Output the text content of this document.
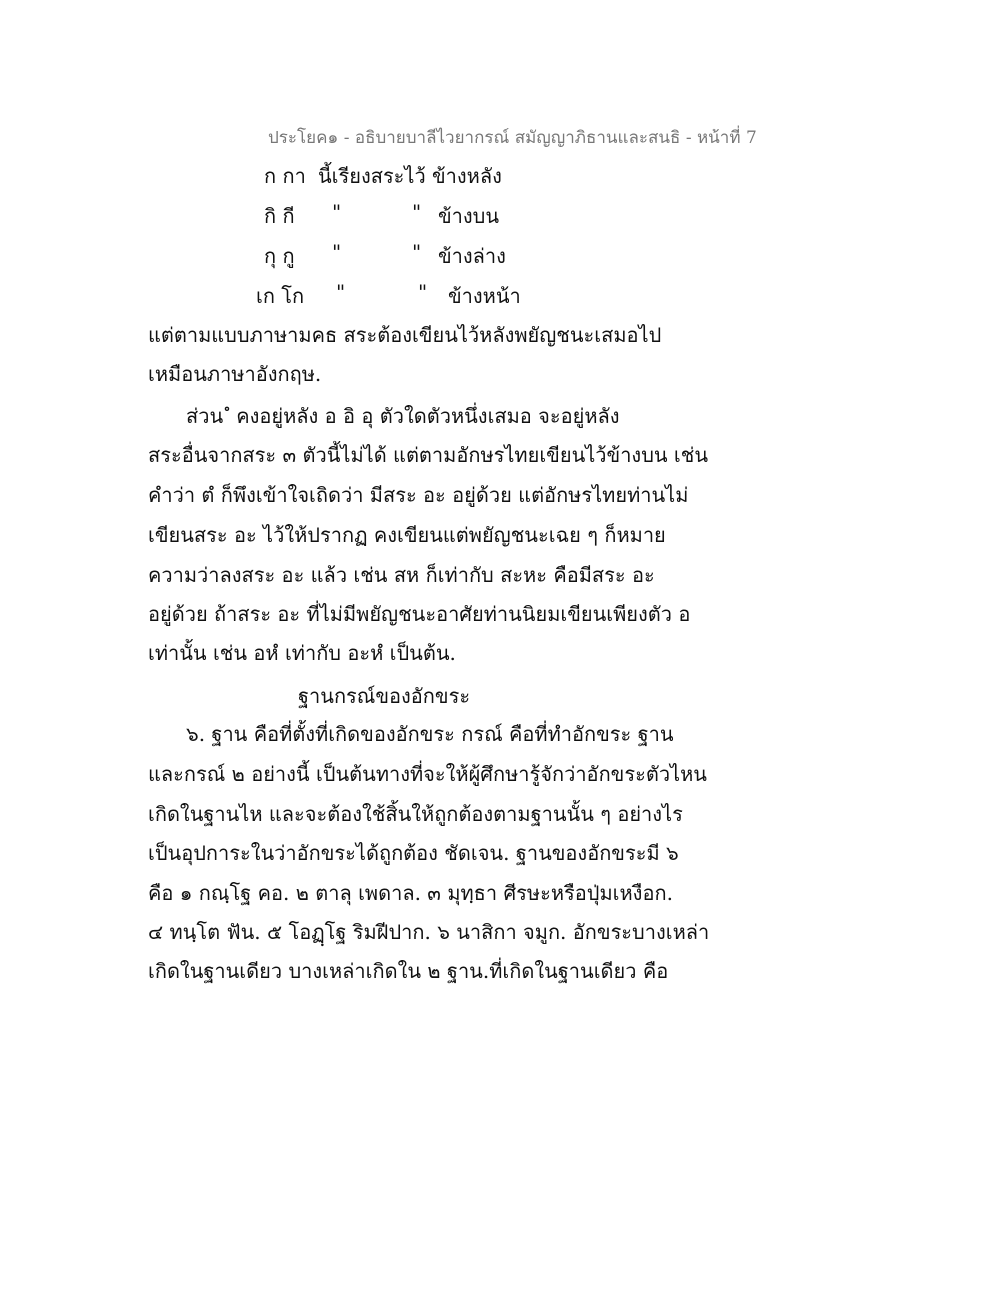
ประโยค๑ - อธิบายบาลีไวยากรณ์ สมัญญาภิธานและสนธิ - หน้าที่ 7
ก กา นี้เรียงสระไว้ ข้างหลัง
กิ กี "	" ข้างบน
กุ กู "	" ข้างล่าง
เก โก "	" ข้างหน้า
แต่ตามแบบภาษามคธ สระต้องเขียนไว้หลังพยัญชนะเสมอไป
เหมือนภาษาอังกฤษ.
ส่วน ํ คงอยู่หลัง อ อิ อุ ตัวใดตัวหนึ่งเสมอ จะอยู่หลัง
สระอื่นจากสระ ๓ ตัวนี้ไม่ได้ แต่ตามอักษรไทยเขียนไว้ข้างบน เช่น
คำว่า ตํ ก็พึงเข้าใจเถิดว่า มีสระ อะ อยู่ด้วย แต่อักษรไทยท่านไม่
เขียนสระ อะ ไว้ให้ปรากฏ คงเขียนแต่พยัญชนะเฉย ๆ ก็หมาย
ความว่าลงสระ อะ แล้ว เช่น สห ก็เท่ากับ สะหะ คือมีสระ อะ
อยู่ด้วย ถ้าสระ อะ ที่ไม่มีพยัญชนะอาศัยท่านนิยมเขียนเพียงตัว อ
เท่านั้น เช่น อหํ เท่ากับ อะหํ เป็นต้น.
ฐานกรณ์ของอักขระ
๖. ฐาน คือที่ตั้งที่เกิดของอักขระ กรณ์ คือที่ทำอักขระ ฐาน
และกรณ์ ๒ อย่างนี้ เป็นต้นทางที่จะให้ผู้ศึกษารู้จักว่าอักขระตัวไหน
เกิดในฐานไห และจะต้องใช้สิ้นให้ถูกต้องตามฐานนั้น ๆ อย่างไร
เป็นอุปการะในว่าอักขระได้ถูกต้อง ชัดเจน. ฐานของอักขระมี ๖
คือ ๑ กณฺโฐ คอ. ๒ ตาลุ เพดาล. ๓ มุทฺธา ศีรษะหรือปุ่มเหงือก.
๔ ทนฺโต ฟัน. ๕ โอฏฺโฐ ริมฝีปาก. ๖ นาสิกา จมูก. อักขระบางเหล่า
เกิดในฐานเดียว บางเหล่าเกิดใน ๒ ฐาน.ที่เกิดในฐานเดียว คือ
